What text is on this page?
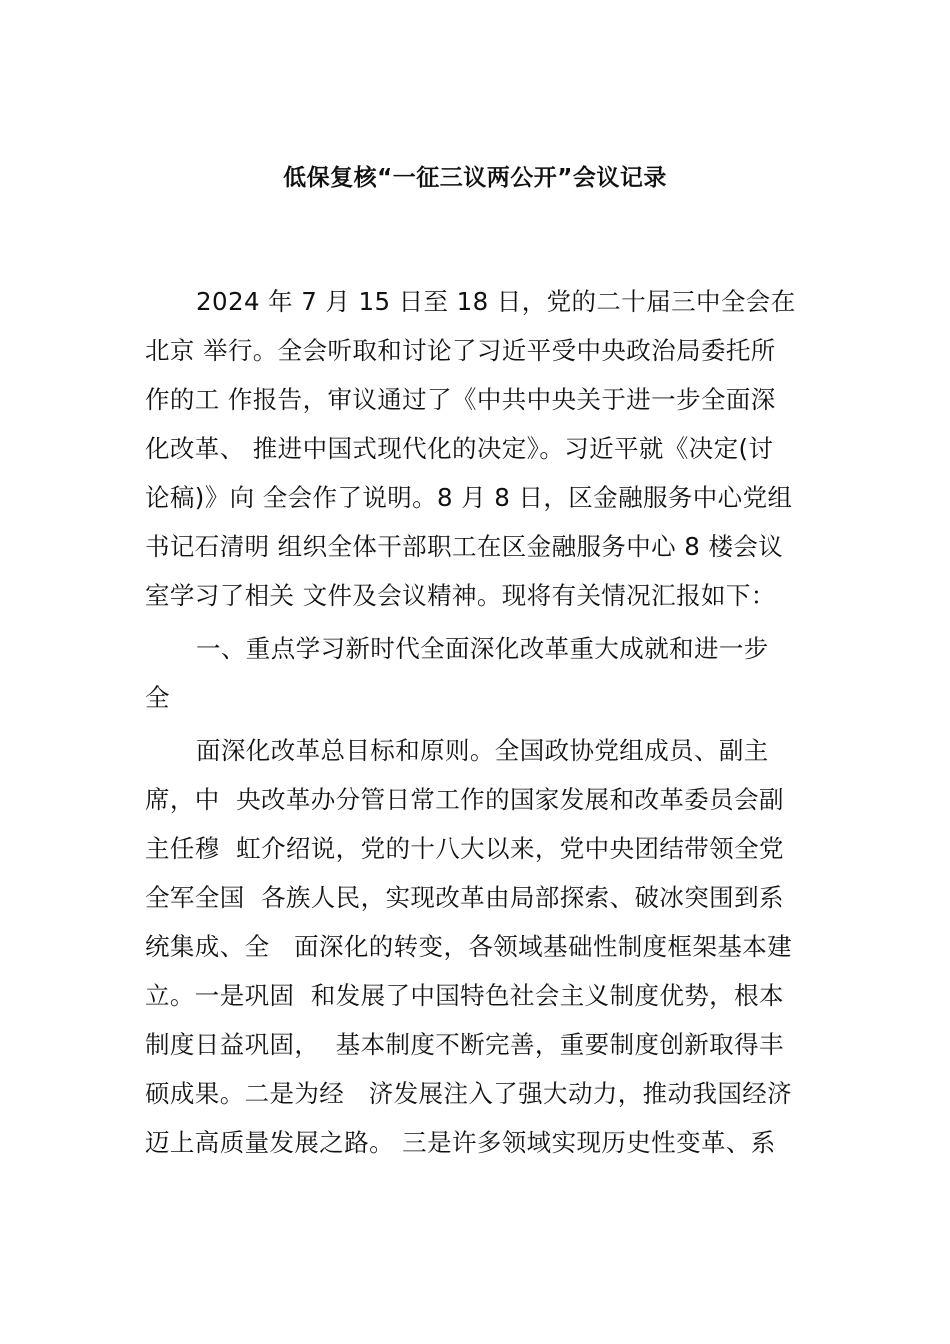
低保复核“一征三议两公开”会议记录
2024 年 7 月 15 日至 18 日，党的二十届三中全会在
北京 举行。全会听取和讨论了习近平受中央政治局委托所
作的工 作报告，审议通过了《中共中央关于进一步全面深
化改革、 推进中国式现代化的决定》。习近平就《决定(讨
论稿)》向 全会作了说明。8 月 8 日，区金融服务中心党组
书记石清明 组织全体干部职工在区金融服务中心 8 楼会议
室学习了相关 文件及会议精神。现将有关情况汇报如下：
一、重点学习新时代全面深化改革重大成就和进一步
全
面深化改革总目标和原则。全国政协党组成员、副主
席，中  央改革办分管日常工作的国家发展和改革委员会副
主任穆  虹介绍说，党的十八大以来，党中央团结带领全党
全军全国  各族人民，实现改革由局部探索、破冰突围到系
统集成、全   面深化的转变，各领域基础性制度框架基本建
立。一是巩固  和发展了中国特色社会主义制度优势，根本
制度日益巩固，  基本制度不断完善，重要制度创新取得丰
硕成果。二是为经   济发展注入了强大动力，推动我国经济
迈上高质量发展之路。 三是许多领域实现历史性变革、系
